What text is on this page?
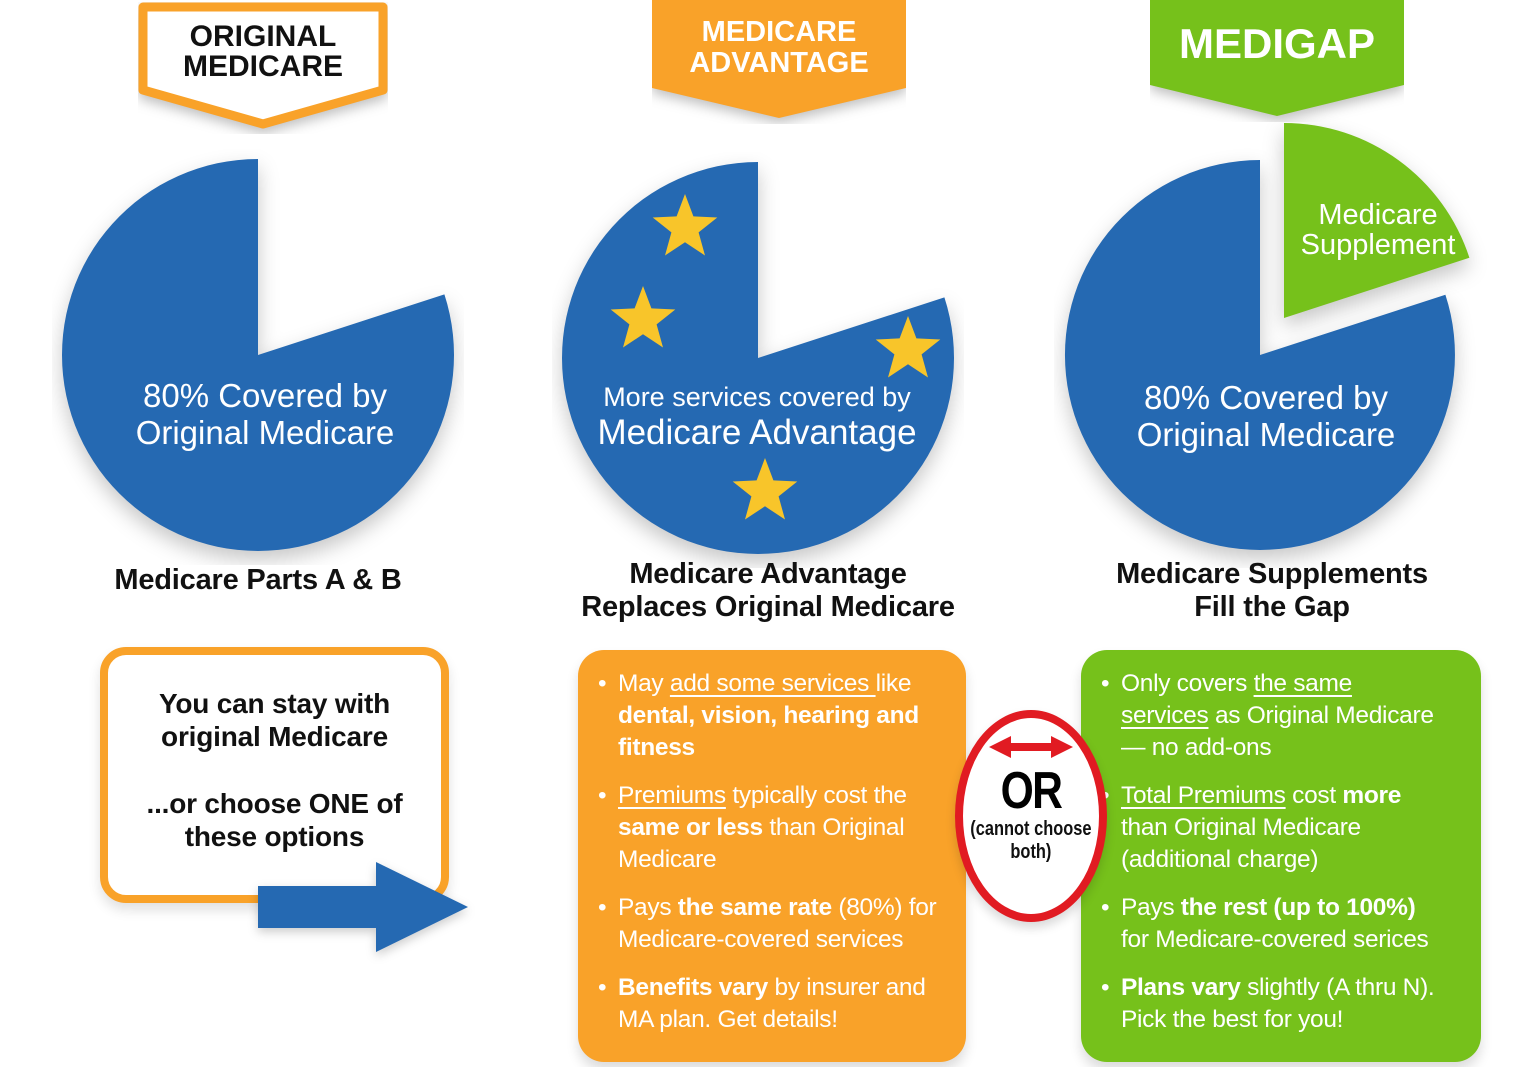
ORIGINAL
MEDICARE
80% Covered by
Original Medicare
Medicare Parts A & B
You can stay with
original Medicare
...or choose ONE of
these options
MEDICARE
ADVANTAGE
More services covered by
Medicare Advantage
Medicare Advantage
Replaces Original Medicare
• May add some services like
dental, vision, hearing and
fitness
• Premiums typically cost the
same or less than Original
Medicare
• Pays the same rate (80%) for
Medicare-covered services
• Benefits vary by insurer and
MA plan. Get details!
OR
(cannot choose
both)
MEDIGAP
Medicare
Supplement
80% Covered by
Original Medicare
Medicare Supplements
Fill the Gap
• Only covers the same
services as Original Medicare
— no add-ons
• Total Premiums cost more
than Original Medicare
(additional charge)
• Pays the rest (up to 100%)
for Medicare-covered serices
• Plans vary slightly (A thru N).
Pick the best for you!
